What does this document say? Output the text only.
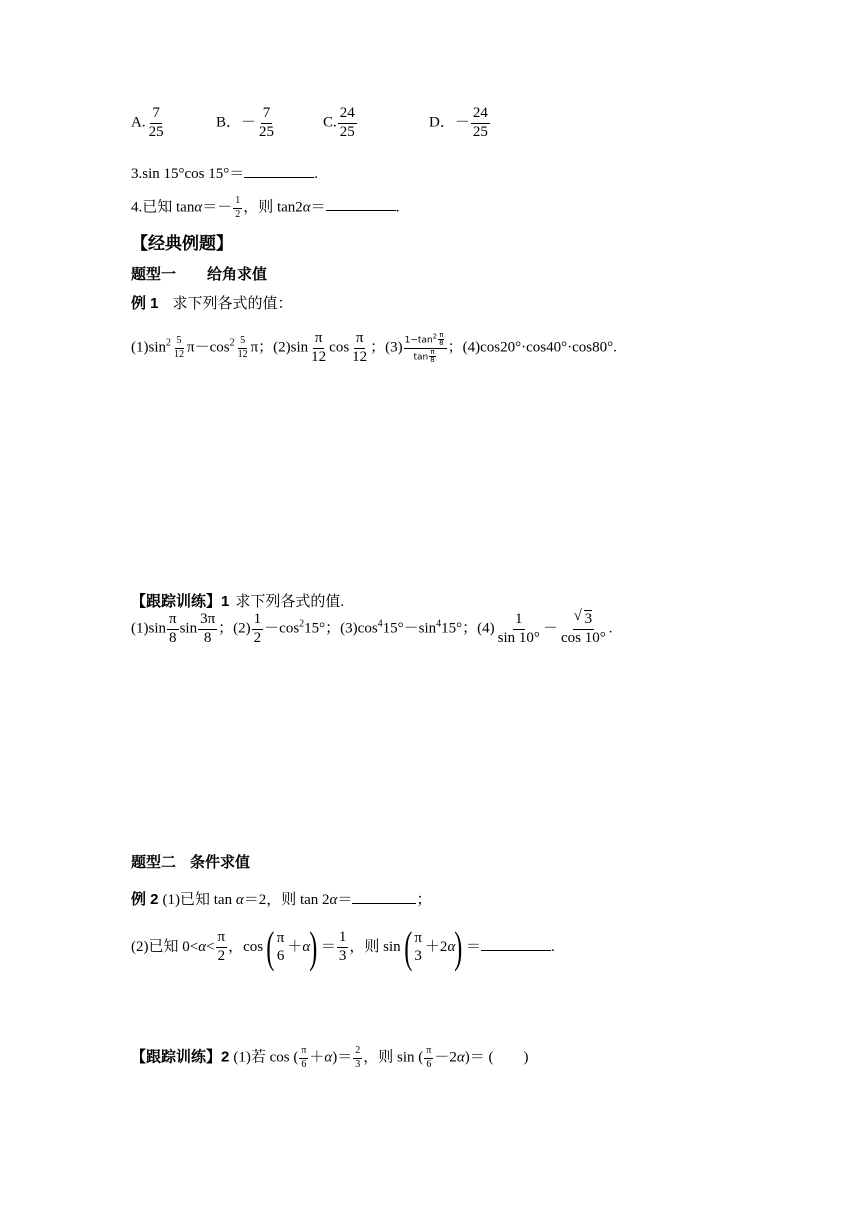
A. $\frac{7}{25}$	B．－ $\frac{7}{25}$	C. $\frac{24}{25}$	D．－ $\frac{24}{25}$
3.sin 15°cos 15°＝	.
4.已知 $\tan\alpha=- \frac{1}{2}$ ，则 tan2α＝	.
【经典例题】
题型一 给角求值
例 1 求下列各式的值：
$(1)\sin^2 \frac{5}{12} \pi-\cos^2 \frac{5}{12}$ π；$(2)\sin \frac{\pi}{12}$ $\cos \frac{\pi}{12}$ ；$(3) \frac{1-\tan^2 \frac{\pi}{8}}{\tan \frac{\pi}{8}}$ ；(4)cos20°·cos40°·cos80°.
【跟踪训练】1 求下列各式的值.
$(1)\sin \frac{\pi}{8}$ $\sin \frac{3\pi}{8}$ ；$(2) \frac{1}{2} -\cos^215^\circ$；$(3)\cos^415^\circ-\sin^415^\circ$；$(4) \frac{1}{\sin 10^\circ}$ －
√ $\frac{3}{\cos 10^\circ}$ .
题型二 条件求值
例 2 (1)已知 tan α＝2，则 tan 2α＝	；
(2)已知 $0<\alpha< \frac{\pi}{2}$ ，cos( π
6
$+\alpha) = \frac{1}{3}$ ，则 sin( π
3
＋2α) ＝	.
【跟踪训练】2 (1)若 cos ( $\frac{\pi}{6} +\alpha)= \frac{2}{3}$ ，则 sin ( $\frac{\pi}{6} -2\alpha)=$ ( )
